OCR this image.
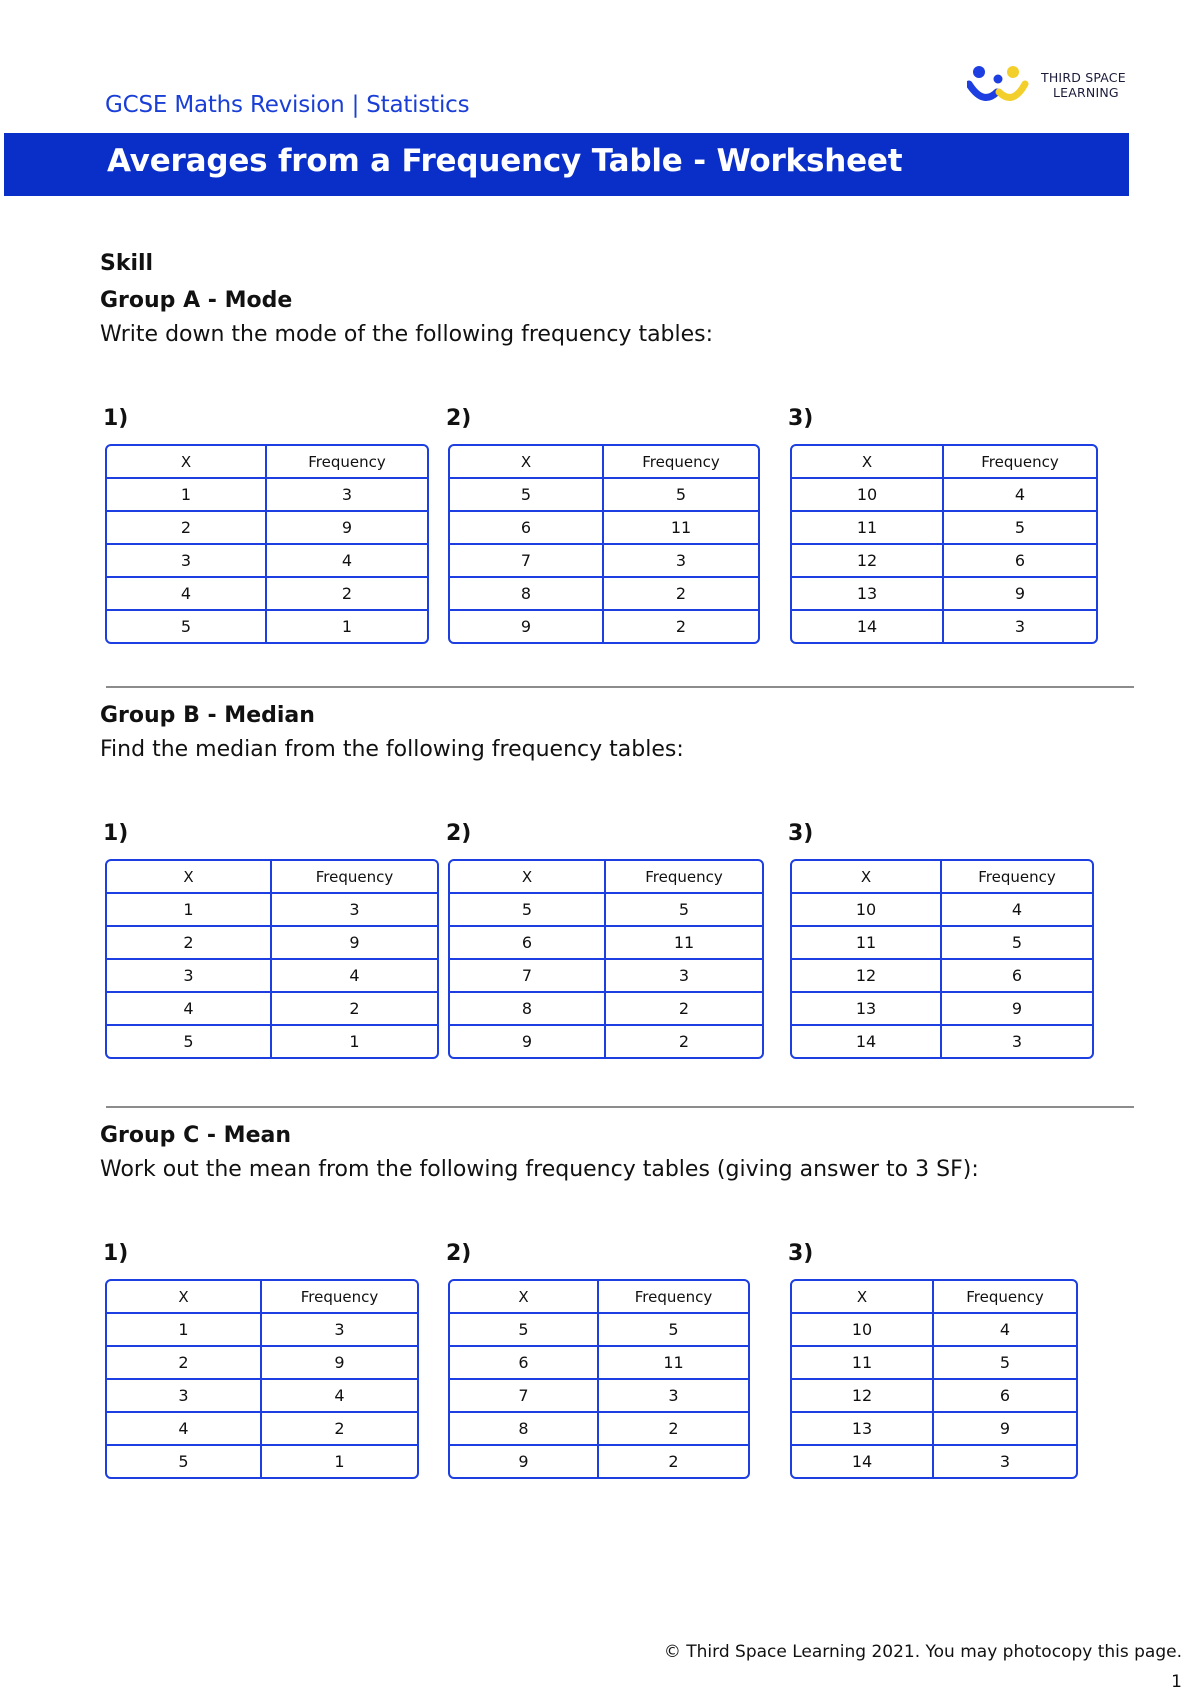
GCSE Maths Revision | Statistics
THIRD SPACE
LEARNING
Averages from a Frequency Table - Worksheet
Skill
Group A - Mode
Write down the mode of the following frequency tables:
1)
X	Frequency
1	3
2	9
3	4
4	2
5	1
2)
X	Frequency
5	5
6	11
7	3
8	2
9	2
3)
X	Frequency
10	4
11	5
12	6
13	9
14	3
Group B - Median
Find the median from the following frequency tables:
1)
X	Frequency
1	3
2	9
3	4
4	2
5	1
2)
X	Frequency
5	5
6	11
7	3
8	2
9	2
3)
X	Frequency
10	4
11	5
12	6
13	9
14	3
Group C - Mean
Work out the mean from the following frequency tables (giving answer to 3 SF):
1)
X	Frequency
1	3
2	9
3	4
4	2
5	1
2)
X	Frequency
5	5
6	11
7	3
8	2
9	2
3)
X	Frequency
10	4
11	5
12	6
13	9
14	3
© Third Space Learning 2021. You may photocopy this page.
1
